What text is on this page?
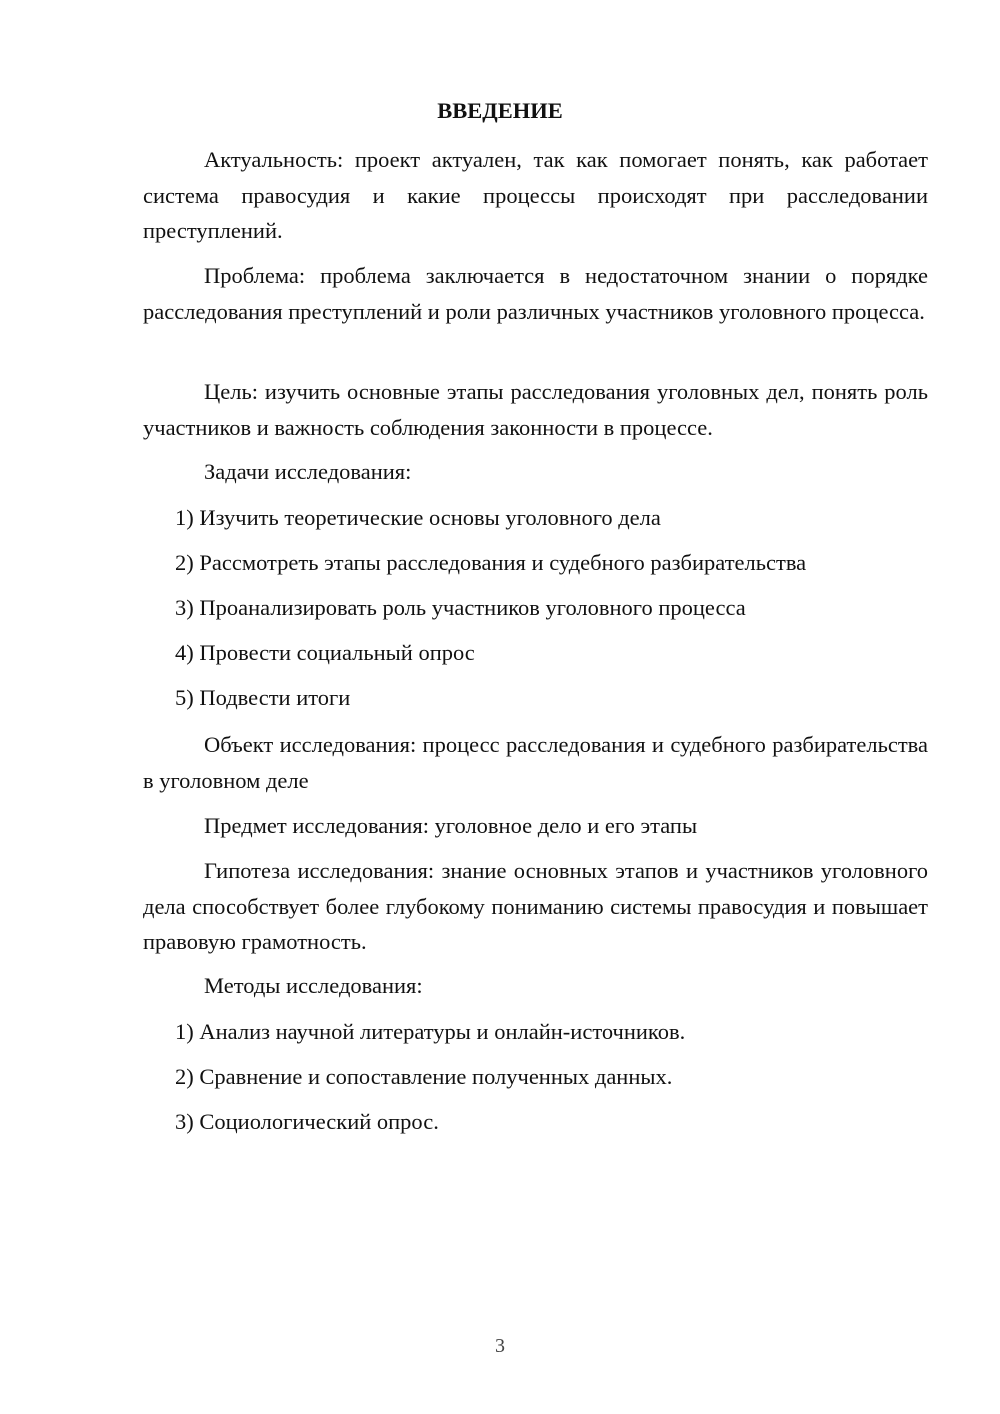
ВВЕДЕНИЕ

Актуальность: проект актуален, так как помогает понять, как работает система правосудия и какие процессы происходят при расследовании преступлений.

Проблема: проблема заключается в недостаточном знании о порядке расследования преступлений и роли различных участников уголовного процесса.

Цель: изучить основные этапы расследования уголовных дел, понять роль участников и важность соблюдения законности в процессе.

Задачи исследования:

1) Изучить теоретические основы уголовного дела

2) Рассмотреть этапы расследования и судебного разбирательства

3) Проанализировать роль участников уголовного процесса

4) Провести социальный опрос

5) Подвести итоги

Объект исследования: процесс расследования и судебного разбирательства в уголовном деле

Предмет исследования: уголовное дело и его этапы

Гипотеза исследования: знание основных этапов и участников уголовного дела способствует более глубокому пониманию системы правосудия и повышает правовую грамотность.

Методы исследования:

1) Анализ научной литературы и онлайн-источников.

2) Сравнение и сопоставление полученных данных.

3) Социологический опрос.

3
